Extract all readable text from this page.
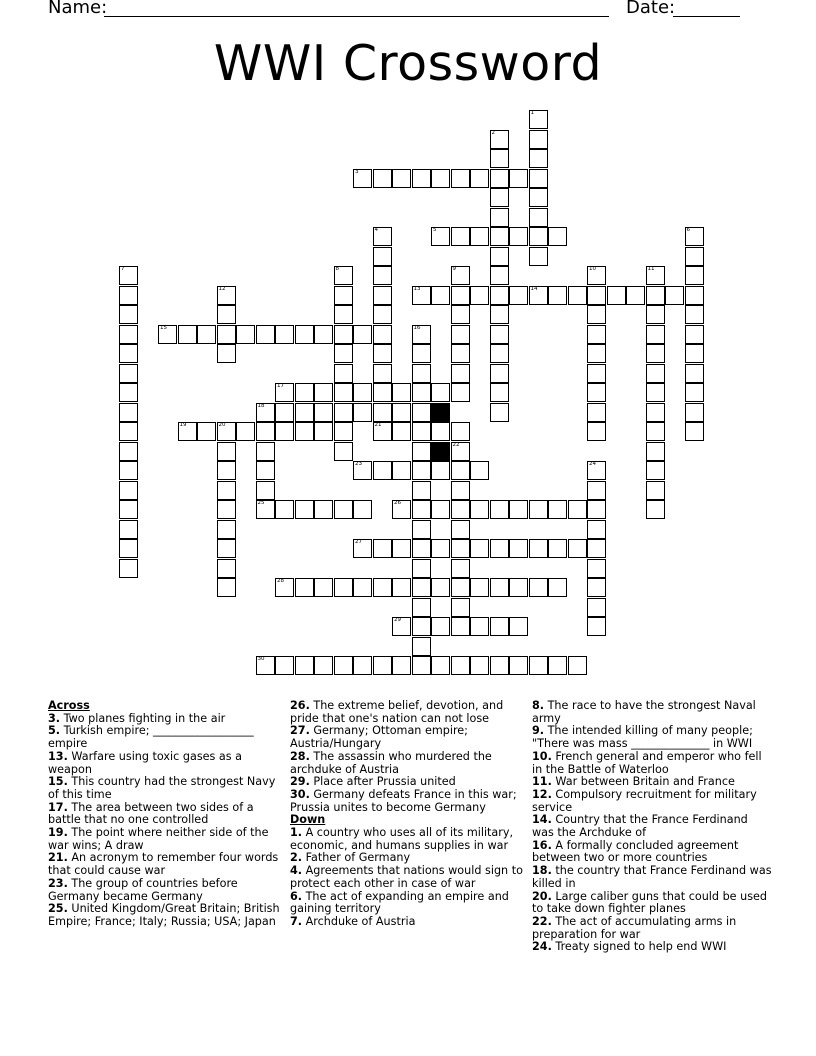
Name:	Date:
WWI Crossword
1
2
3
5
4
21
6
7	8	9	10	11
12	13	14
15	16
17
18
25
19	20
22
23	24
26
27
28
29
30
Across
3. Two planes fighting in the air
5. Turkish empire; __________________ empire
13. Warfare using toxic gases as a weapon
15. This country had the strongest Navy of this time
17. The area between two sides of a battle that no one controlled
19. The point where neither side of the war wins; A draw
21. An acronym to remember four words that could cause war
23. The group of countries before Germany became Germany
25. United Kingdom/Great Britain; British Empire; France; Italy; Russia; USA; Japan
26. The extreme belief, devotion, and pride that one's nation can not lose
27. Germany; Ottoman empire; Austria/Hungary
28. The assassin who murdered the archduke of Austria
29. Place after Prussia united
30. Germany defeats France in this war; Prussia unites to become Germany
Down
1. A country who uses all of its military, economic, and humans supplies in war
2. Father of Germany
4. Agreements that nations would sign to protect each other in case of war
6. The act of expanding an empire and gaining territory
7. Archduke of Austria
8. The race to have the strongest Naval army
9. The intended killing of many people; "There was mass ______________ in WWI
10. French general and emperor who fell in the Battle of Waterloo
11. War between Britain and France
12. Compulsory recruitment for military service
14. Country that the France Ferdinand was the Archduke of
16. A formally concluded agreement between two or more countries
18. the country that France Ferdinand was killed in
20. Large caliber guns that could be used to take down fighter planes
22. The act of accumulating arms in preparation for war
24. Treaty signed to help end WWI
